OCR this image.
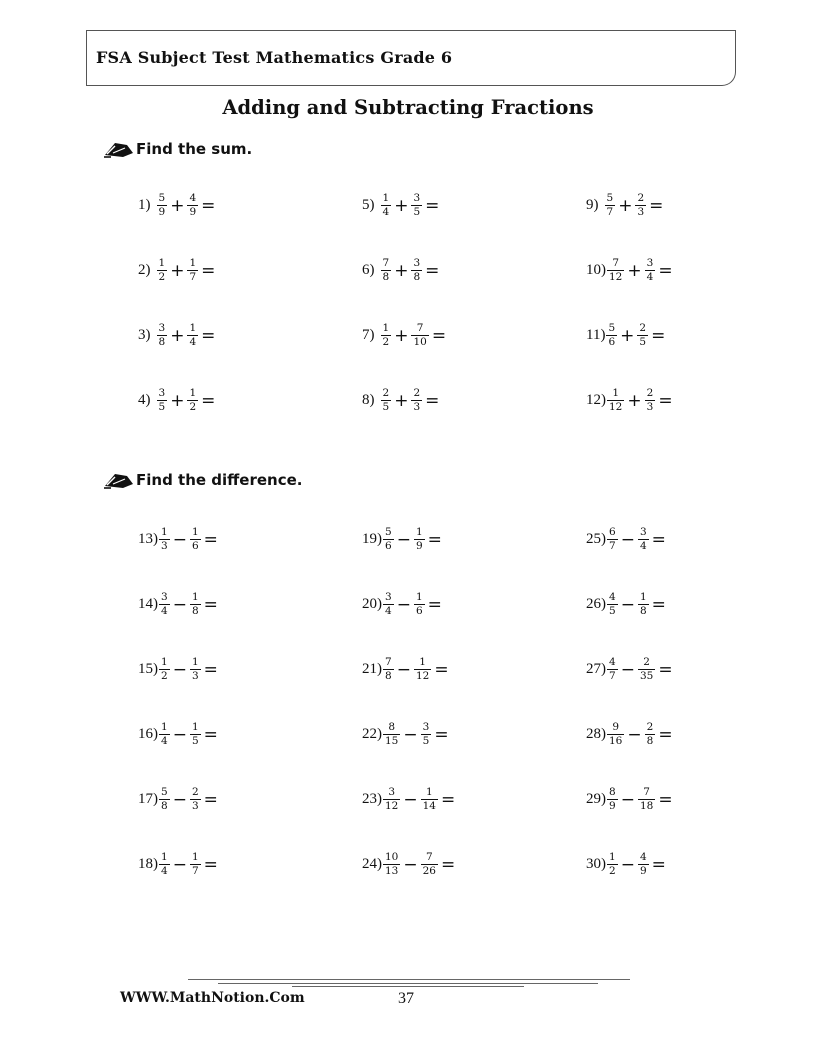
FSA Subject Test Mathematics Grade 6
Adding and Subtracting Fractions
Find the sum.
Find the difference.
$1) \frac{5}{9} + \frac{4}{9}$ =
$2) \frac{1}{2} + \frac{1}{7}$ =
$3) \frac{3}{8} + \frac{1}{4}$ =
$4) \frac{3}{5} + \frac{1}{2}$ =
$5) \frac{1}{4} + \frac{3}{5}$ =
$6) \frac{7}{8} + \frac{3}{8}$ =
$7) \frac{1}{2} + \frac{7}{10}$ =
$8) \frac{2}{5} + \frac{2}{3}$ =
$9) \frac{5}{7} + \frac{2}{3}$ =
$10) \frac{7}{12} + \frac{3}{4}$ =
$11) \frac{5}{6} + \frac{2}{5}$ =
$12) \frac{1}{12} + \frac{2}{3}$ =
$13) \frac{1}{3} - \frac{1}{6}$ =
$14) \frac{3}{4} - \frac{1}{8}$ =
$15) \frac{1}{2} - \frac{1}{3}$ =
$16) \frac{1}{4} - \frac{1}{5}$ =
$17) \frac{5}{8} - \frac{2}{3}$ =
$18) \frac{1}{4} - \frac{1}{7}$ =
$19) \frac{5}{6} - \frac{1}{9}$ =
$20) \frac{3}{4} - \frac{1}{6}$ =
$21) \frac{7}{8} - \frac{1}{12}$ =
$22) \frac{8}{15} - \frac{3}{5}$ =
$23) \frac{3}{12} - \frac{1}{14}$ =
$24) \frac{10}{13} - \frac{7}{26}$ =
$25) \frac{6}{7} - \frac{3}{4}$ =
$26) \frac{4}{5} - \frac{1}{8}$ =
$27) \frac{4}{7} - \frac{2}{35}$ =
$28) \frac{9}{16} - \frac{2}{8}$ =
$29) \frac{8}{9} - \frac{7}{18}$ =
$30) \frac{1}{2} - \frac{4}{9}$ =
WWW.MathNotion.Com	37
